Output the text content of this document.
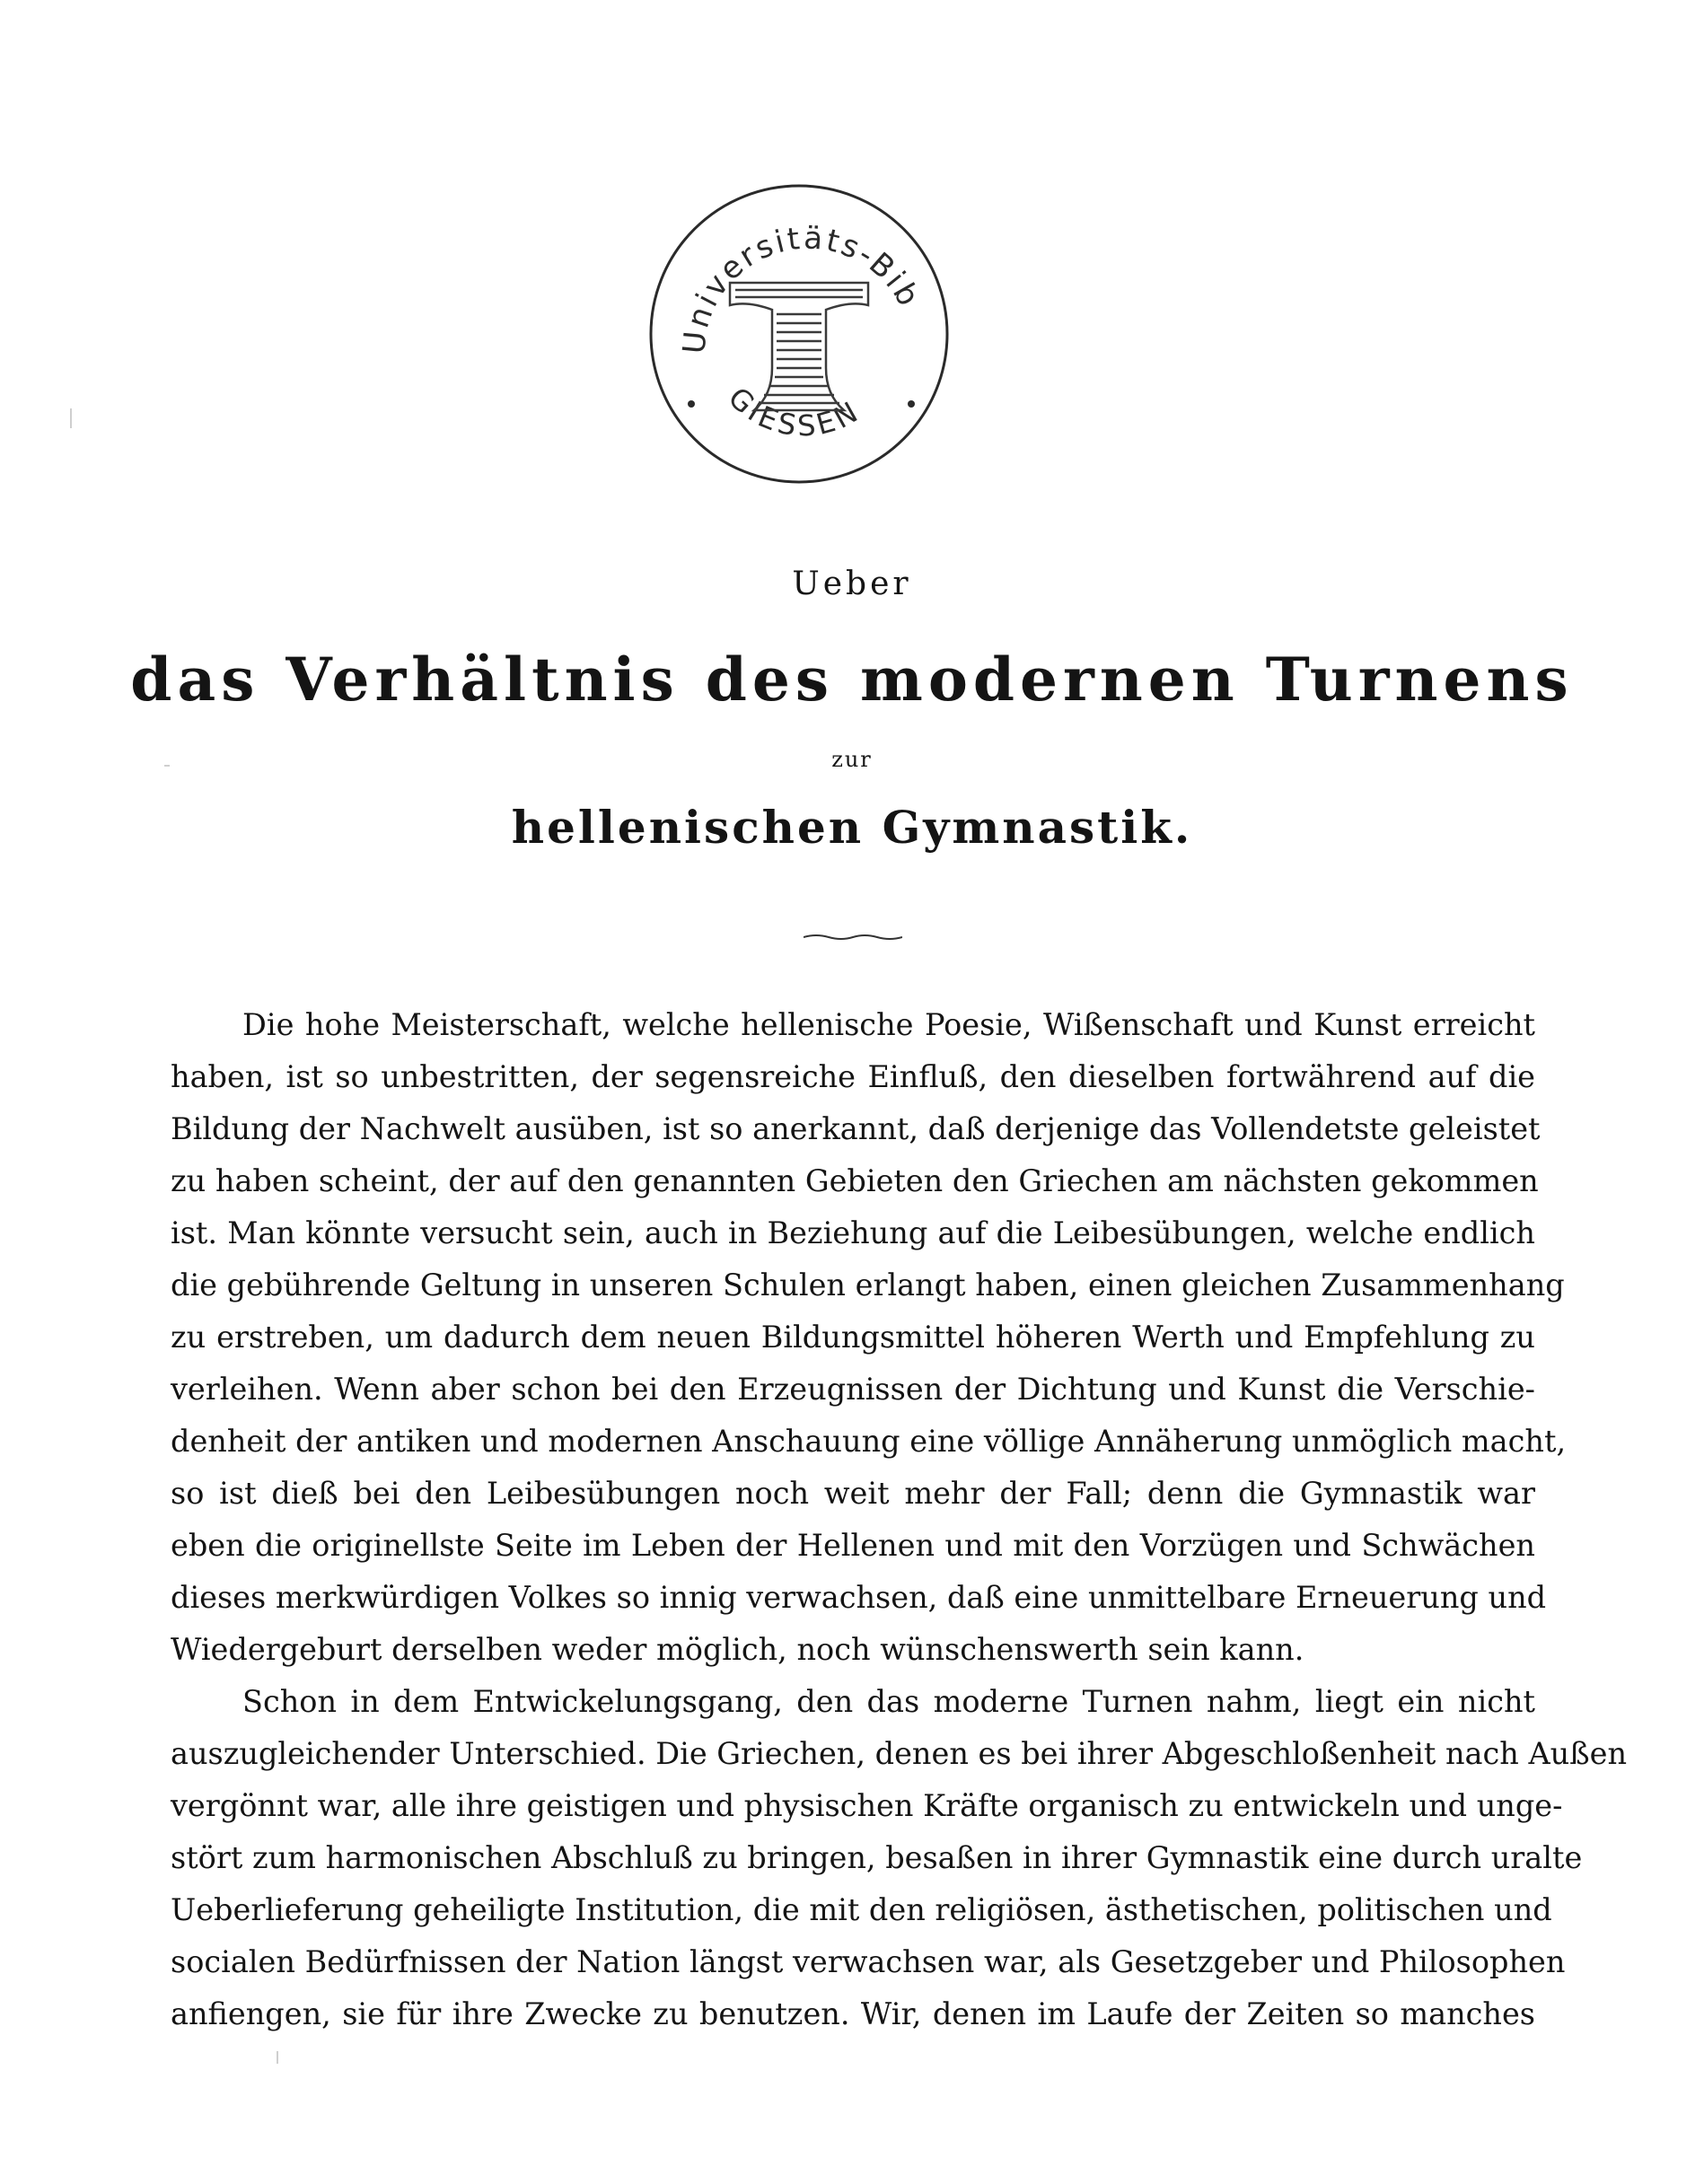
Universitäts-Bib
GIESSEN
Ueber
das Verhältnis des modernen Turnens
zur
hellenischen Gymnastik.
Die hohe Meisterschaft, welche hellenische Poesie, Wißenschaft und Kunst erreicht
haben, ist so unbestritten, der segensreiche Einfluß, den dieselben fortwährend auf die
Bildung der Nachwelt ausüben, ist so anerkannt, daß derjenige das Vollendetste geleistet
zu haben scheint, der auf den genannten Gebieten den Griechen am nächsten gekommen
ist. Man könnte versucht sein, auch in Beziehung auf die Leibesübungen, welche endlich
die gebührende Geltung in unseren Schulen erlangt haben, einen gleichen Zusammenhang
zu erstreben, um dadurch dem neuen Bildungsmittel höheren Werth und Empfehlung zu
verleihen. Wenn aber schon bei den Erzeugnissen der Dichtung und Kunst die Verschie-
denheit der antiken und modernen Anschauung eine völlige Annäherung unmöglich macht,
so ist dieß bei den Leibesübungen noch weit mehr der Fall; denn die Gymnastik war
eben die originellste Seite im Leben der Hellenen und mit den Vorzügen und Schwächen
dieses merkwürdigen Volkes so innig verwachsen, daß eine unmittelbare Erneuerung und
Wiedergeburt derselben weder möglich, noch wünschenswerth sein kann.
Schon in dem Entwickelungsgang, den das moderne Turnen nahm, liegt ein nicht
auszugleichender Unterschied. Die Griechen, denen es bei ihrer Abgeschloßenheit nach Außen
vergönnt war, alle ihre geistigen und physischen Kräfte organisch zu entwickeln und unge-
stört zum harmonischen Abschluß zu bringen, besaßen in ihrer Gymnastik eine durch uralte
Ueberlieferung geheiligte Institution, die mit den religiösen, ästhetischen, politischen und
socialen Bedürfnissen der Nation längst verwachsen war, als Gesetzgeber und Philosophen
anfiengen, sie für ihre Zwecke zu benutzen. Wir, denen im Laufe der Zeiten so manches
